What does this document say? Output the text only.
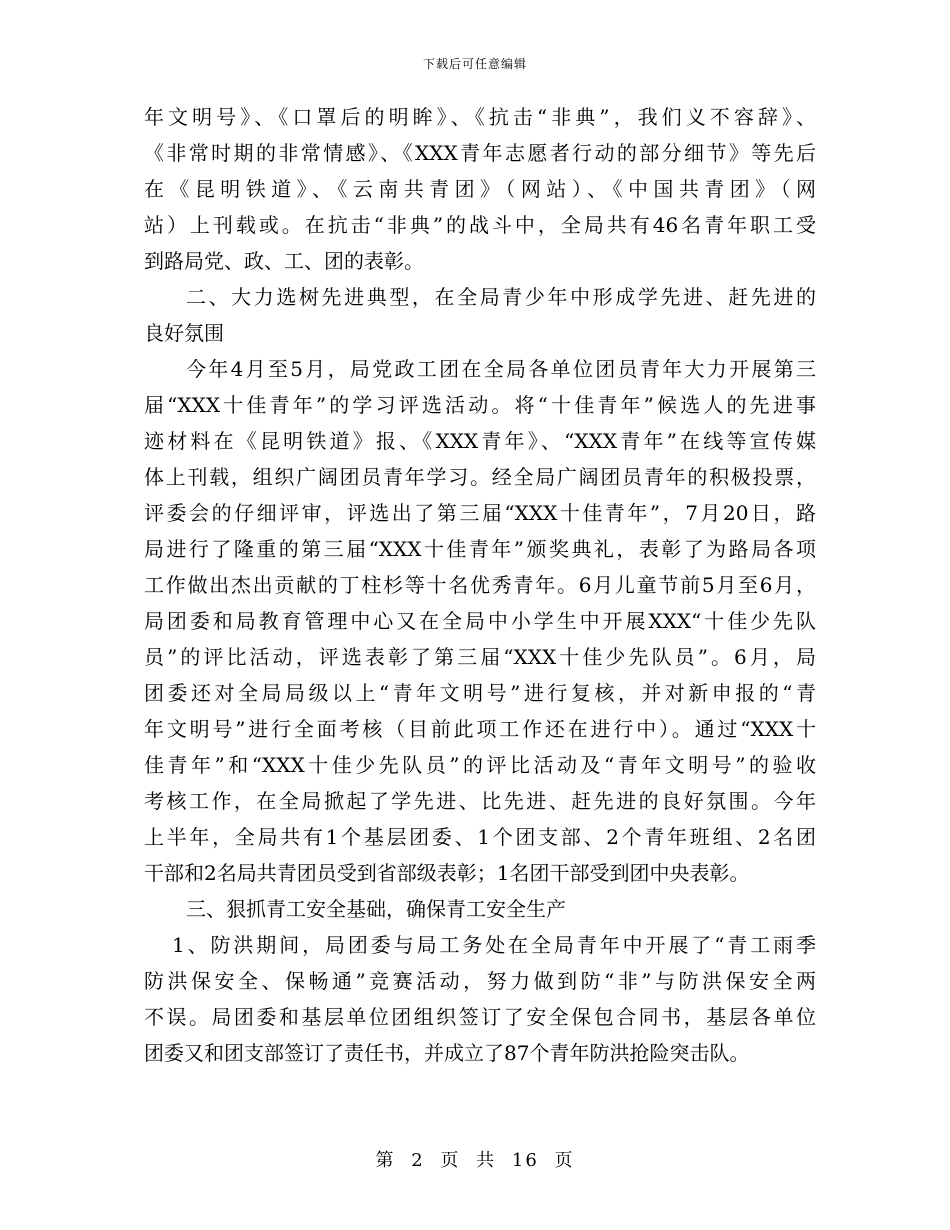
下载后可任意编辑
年文明号》、《口罩后的明眸》、《抗击“非典”，我们义不容辞》、
《非常时期的非常情感》、《XXX青年志愿者行动的部分细节》等先后
在《昆明铁道》、《云南共青团》（网站）、《中国共青团》（网
站）上刊载或。在抗击“非典”的战斗中，全局共有46名青年职工受
到路局党、政、工、团的表彰。
二、大力选树先进典型，在全局青少年中形成学先进、赶先进的
良好氛围
今年4月至5月，局党政工团在全局各单位团员青年大力开展第三
届“XXX十佳青年”的学习评选活动。将“十佳青年”候选人的先进事
迹材料在《昆明铁道》报、《XXX青年》、“XXX青年”在线等宣传媒
体上刊载，组织广阔团员青年学习。经全局广阔团员青年的积极投票，
评委会的仔细评审，评选出了第三届“XXX十佳青年”，7月20日，路
局进行了隆重的第三届“XXX十佳青年”颁奖典礼，表彰了为路局各项
工作做出杰出贡献的丁柱杉等十名优秀青年。6月儿童节前5月至6月，
局团委和局教育管理中心又在全局中小学生中开展XXX“十佳少先队
员”的评比活动，评选表彰了第三届“XXX十佳少先队员”。6月，局
团委还对全局局级以上“青年文明号”进行复核，并对新申报的“青
年文明号”进行全面考核（目前此项工作还在进行中）。通过“XXX十
佳青年”和“XXX十佳少先队员”的评比活动及“青年文明号”的验收
考核工作，在全局掀起了学先进、比先进、赶先进的良好氛围。今年
上半年，全局共有1个基层团委、1个团支部、2个青年班组、2名团
干部和2名局共青团员受到省部级表彰；1名团干部受到团中央表彰。
三、狠抓青工安全基础，确保青工安全生产
1、防洪期间，局团委与局工务处在全局青年中开展了“青工雨季
防洪保安全、保畅通”竞赛活动，努力做到防“非”与防洪保安全两
不误。局团委和基层单位团组织签订了安全保包合同书，基层各单位
团委又和团支部签订了责任书，并成立了87个青年防洪抢险突击队。
第 2 页 共 16 页
